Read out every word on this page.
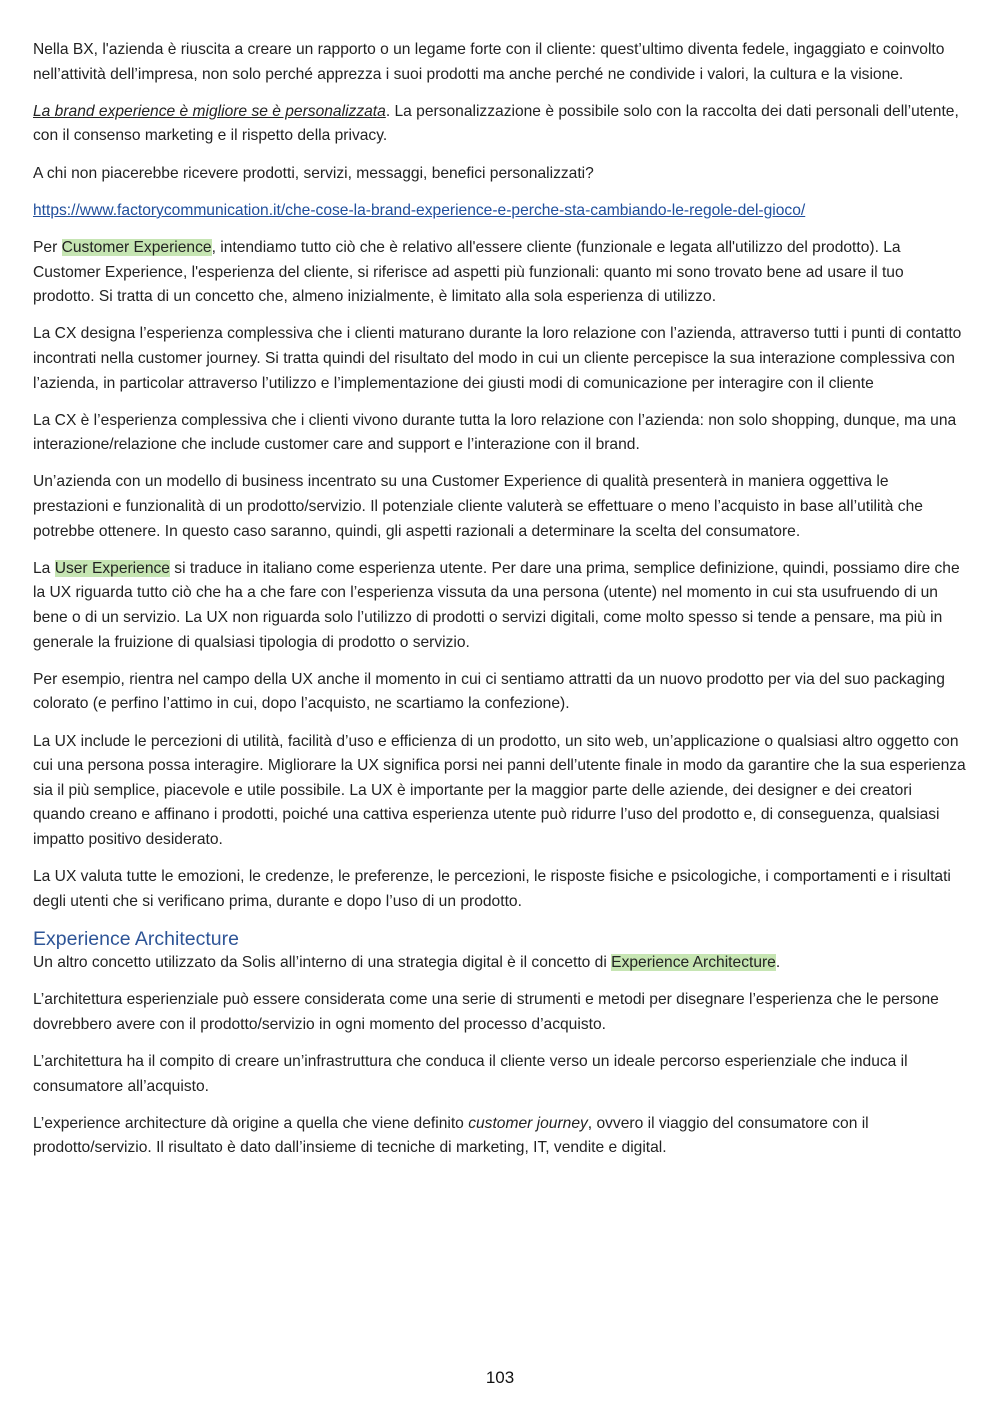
Nella BX, l'azienda è riuscita a creare un rapporto o un legame forte con il cliente: quest’ultimo diventa fedele, ingaggiato e coinvolto nell’attività dell’impresa, non solo perché apprezza i suoi prodotti ma anche perché ne condivide i valori, la cultura e la visione.

La brand experience è migliore se è personalizzata. La personalizzazione è possibile solo con la raccolta dei dati personali dell’utente, con il consenso marketing e il rispetto della privacy.

A chi non piacerebbe ricevere prodotti, servizi, messaggi, benefici personalizzati?

https://www.factorycommunication.it/che-cose-la-brand-experience-e-perche-sta-cambiando-le-regole-del-gioco/

Per Customer Experience, intendiamo tutto ciò che è relativo all'essere cliente (funzionale e legata all'utilizzo del prodotto). La Customer Experience, l'esperienza del cliente, si riferisce ad aspetti più funzionali: quanto mi sono trovato bene ad usare il tuo prodotto. Si tratta di un concetto che, almeno inizialmente, è limitato alla sola esperienza di utilizzo.

La CX designa l’esperienza complessiva che i clienti maturano durante la loro relazione con l’azienda, attraverso tutti i punti di contatto incontrati nella customer journey. Si tratta quindi del risultato del modo in cui un cliente percepisce la sua interazione complessiva con l’azienda, in particolar attraverso l’utilizzo e l’implementazione dei giusti modi di comunicazione per interagire con il cliente

La CX è l’esperienza complessiva che i clienti vivono durante tutta la loro relazione con l’azienda: non solo shopping, dunque, ma una interazione/relazione che include customer care and support e l’interazione con il brand.

Un’azienda con un modello di business incentrato su una Customer Experience di qualità presenterà in maniera oggettiva le prestazioni e funzionalità di un prodotto/servizio. Il potenziale cliente valuterà se effettuare o meno l’acquisto in base all’utilità che potrebbe ottenere. In questo caso saranno, quindi, gli aspetti razionali a determinare la scelta del consumatore.

La User Experience si traduce in italiano come esperienza utente. Per dare una prima, semplice definizione, quindi, possiamo dire che la UX riguarda tutto ciò che ha a che fare con l’esperienza vissuta da una persona (utente) nel momento in cui sta usufruendo di un bene o di un servizio. La UX non riguarda solo l’utilizzo di prodotti o servizi digitali, come molto spesso si tende a pensare, ma più in generale la fruizione di qualsiasi tipologia di prodotto o servizio.

Per esempio, rientra nel campo della UX anche il momento in cui ci sentiamo attratti da un nuovo prodotto per via del suo packaging colorato (e perfino l’attimo in cui, dopo l’acquisto, ne scartiamo la confezione).

La UX include le percezioni di utilità, facilità d’uso e efficienza di un prodotto, un sito web, un’applicazione o qualsiasi altro oggetto con cui una persona possa interagire. Migliorare la UX significa porsi nei panni dell’utente finale in modo da garantire che la sua esperienza sia il più semplice, piacevole e utile possibile. La UX è importante per la maggior parte delle aziende, dei designer e dei creatori quando creano e affinano i prodotti, poiché una cattiva esperienza utente può ridurre l’uso del prodotto e, di conseguenza, qualsiasi impatto positivo desiderato.

La UX valuta tutte le emozioni, le credenze, le preferenze, le percezioni, le risposte fisiche e psicologiche, i comportamenti e i risultati degli utenti che si verificano prima, durante e dopo l’uso di un prodotto.

Experience Architecture

Un altro concetto utilizzato da Solis all’interno di una strategia digital è il concetto di Experience Architecture.

L’architettura esperienziale può essere considerata come una serie di strumenti e metodi per disegnare l’esperienza che le persone dovrebbero avere con il prodotto/servizio in ogni momento del processo d’acquisto.

L’architettura ha il compito di creare un’infrastruttura che conduca il cliente verso un ideale percorso esperienziale che induca il consumatore all’acquisto.

L’experience architecture dà origine a quella che viene definito customer journey, ovvero il viaggio del consumatore con il prodotto/servizio. Il risultato è dato dall’insieme di tecniche di marketing, IT, vendite e digital.

103
